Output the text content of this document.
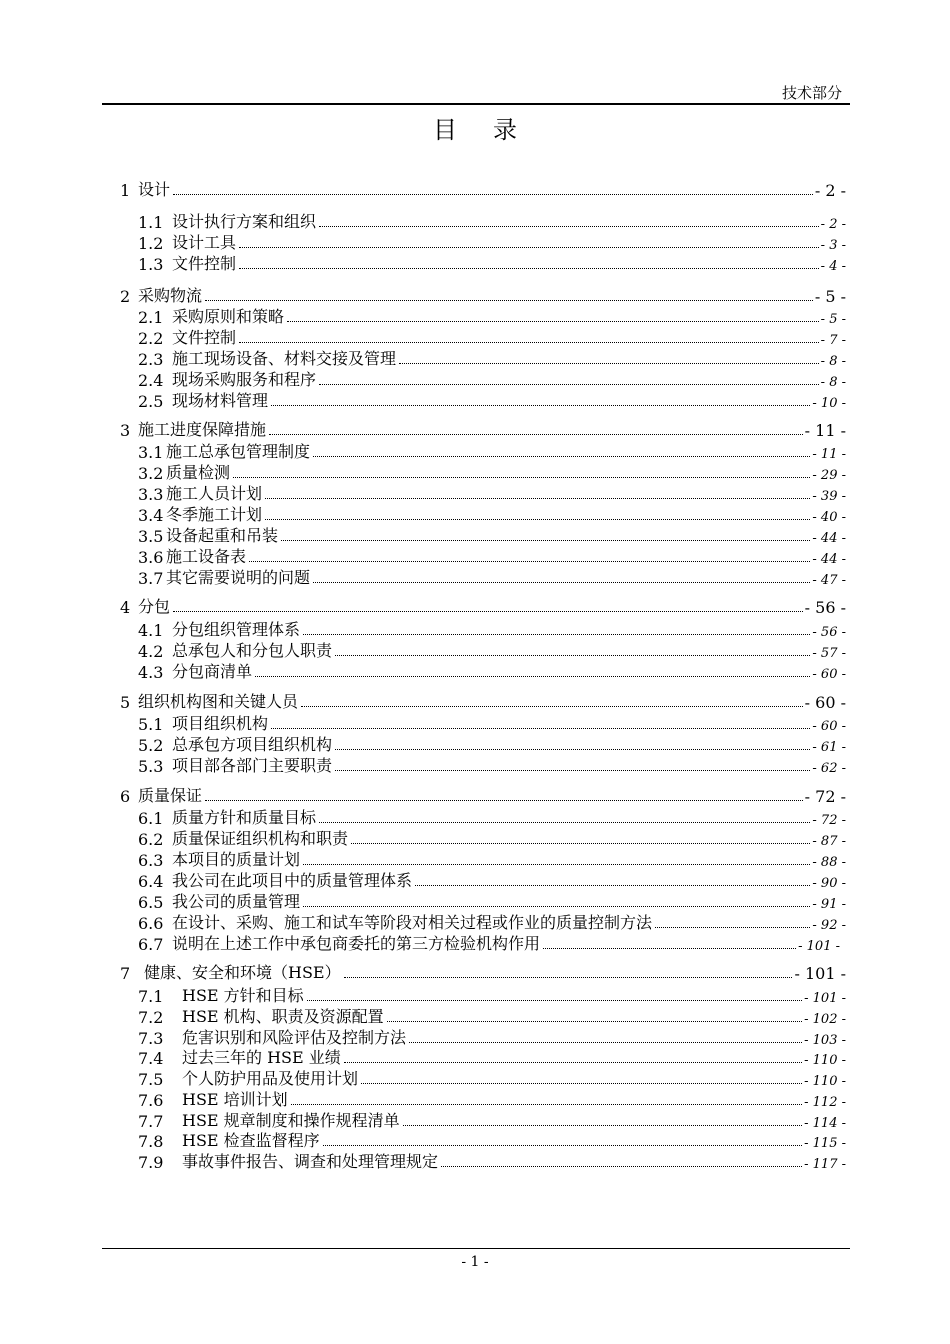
技术部分
目录
1 设计	- 2 -
1.1 设计执行方案和组织	- 2 -
1.2 设计工具	- 3 -
1.3 文件控制	- 4 -
2 采购物流	- 5 -
2.1 采购原则和策略	- 5 -
2.2 文件控制	- 7 -
2.3 施工现场设备、材料交接及管理	- 8 -
2.4 现场采购服务和程序	- 8 -
2.5 现场材料管理	- 10 -
3 施工进度保障措施	- 11 -
3.1 施工总承包管理制度	- 11 -
3.2 质量检测	- 29 -
3.3 施工人员计划	- 39 -
3.4 冬季施工计划	- 40 -
3.5 设备起重和吊装	- 44 -
3.6 施工设备表	- 44 -
3.7 其它需要说明的问题	- 47 -
4 分包	- 56 -
4.1 分包组织管理体系	- 56 -
4.2 总承包人和分包人职责	- 57 -
4.3 分包商清单	- 60 -
5 组织机构图和关键人员	- 60 -
5.1 项目组织机构	- 60 -
5.2 总承包方项目组织机构	- 61 -
5.3 项目部各部门主要职责	- 62 -
6 质量保证	- 72 -
6.1 质量方针和质量目标	- 72 -
6.2 质量保证组织机构和职责	- 87 -
6.3 本项目的质量计划	- 88 -
6.4 我公司在此项目中的质量管理体系	- 90 -
6.5 我公司的质量管理	- 91 -
6.6 在设计、采购、施工和试车等阶段对相关过程或作业的质量控制方法	- 92 -
6.7 说明在上述工作中承包商委托的第三方检验机构作用	- 101 -
7 健康、安全和环境（HSE）	- 101 -
7.1	HSE 方针和目标	- 101 -
7.2	HSE 机构、职责及资源配置	- 102 -
7.3	危害识别和风险评估及控制方法	- 103 -
7.4	过去三年的 HSE 业绩	- 110 -
7.5	个人防护用品及使用计划	- 110 -
7.6	HSE 培训计划	- 112 -
7.7	HSE 规章制度和操作规程清单	- 114 -
7.8	HSE 检查监督程序	- 115 -
7.9	事故事件报告、调查和处理管理规定	- 117 -
- 1 -
